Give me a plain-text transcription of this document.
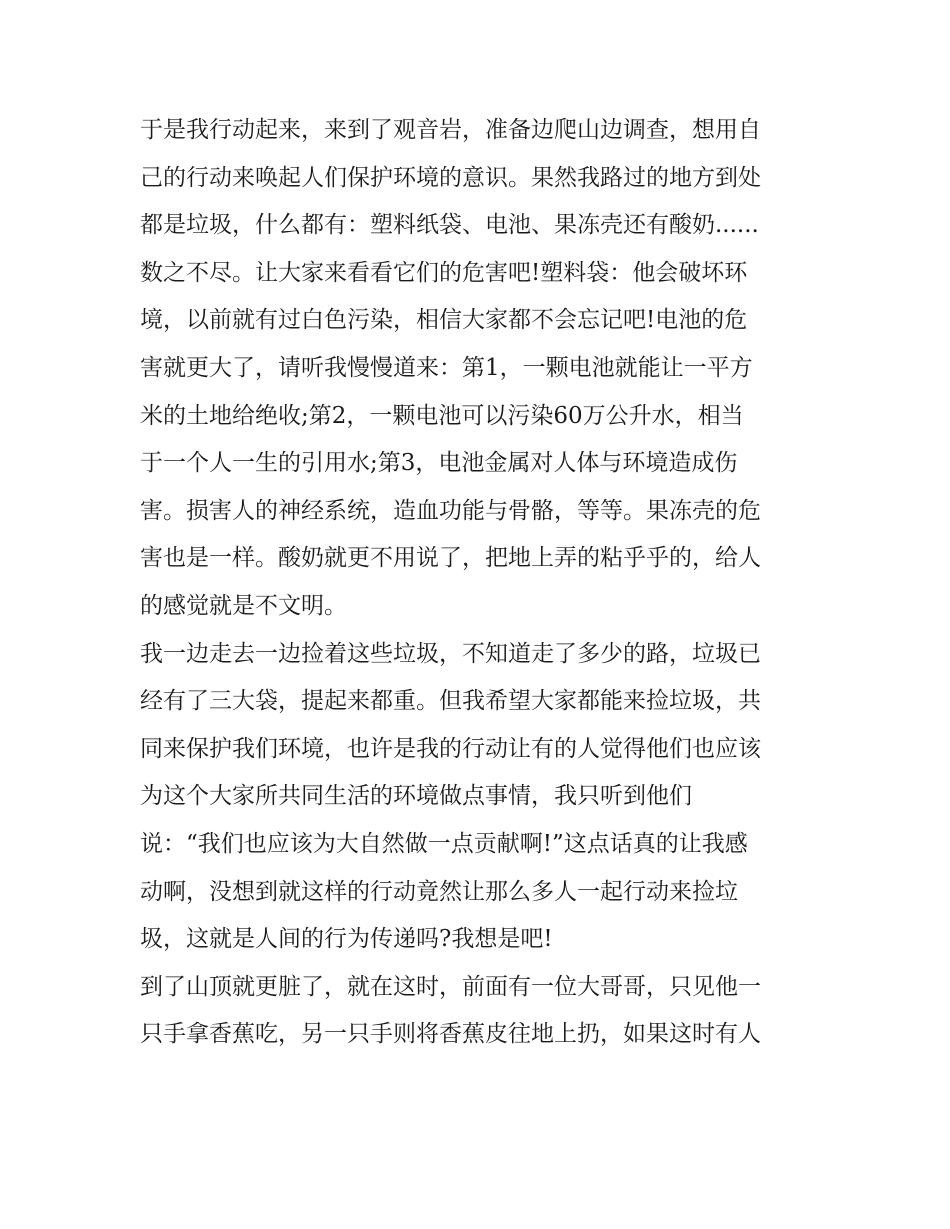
于是我行动起来，来到了观音岩，准备边爬山边调查，想用自
己的行动来唤起人们保护环境的意识。果然我路过的地方到处
都是垃圾，什么都有：塑料纸袋、电池、果冻壳还有酸奶......
数之不尽。让大家来看看它们的危害吧!塑料袋：他会破坏环
境，以前就有过白色污染，相信大家都不会忘记吧!电池的危
害就更大了，请听我慢慢道来：第1，一颗电池就能让一平方
米的土地给绝收;第2，一颗电池可以污染60万公升水，相当
于一个人一生的引用水;第3，电池金属对人体与环境造成伤
害。损害人的神经系统，造血功能与骨骼，等等。果冻壳的危
害也是一样。酸奶就更不用说了，把地上弄的粘乎乎的，给人
的感觉就是不文明。
我一边走去一边捡着这些垃圾，不知道走了多少的路，垃圾已
经有了三大袋，提起来都重。但我希望大家都能来捡垃圾，共
同来保护我们环境，也许是我的行动让有的人觉得他们也应该
为这个大家所共同生活的环境做点事情，我只听到他们
说：“我们也应该为大自然做一点贡献啊!”这点话真的让我感
动啊，没想到就这样的行动竟然让那么多人一起行动来捡垃
圾，这就是人间的行为传递吗?我想是吧!
到了山顶就更脏了，就在这时，前面有一位大哥哥，只见他一
只手拿香蕉吃，另一只手则将香蕉皮往地上扔，如果这时有人
